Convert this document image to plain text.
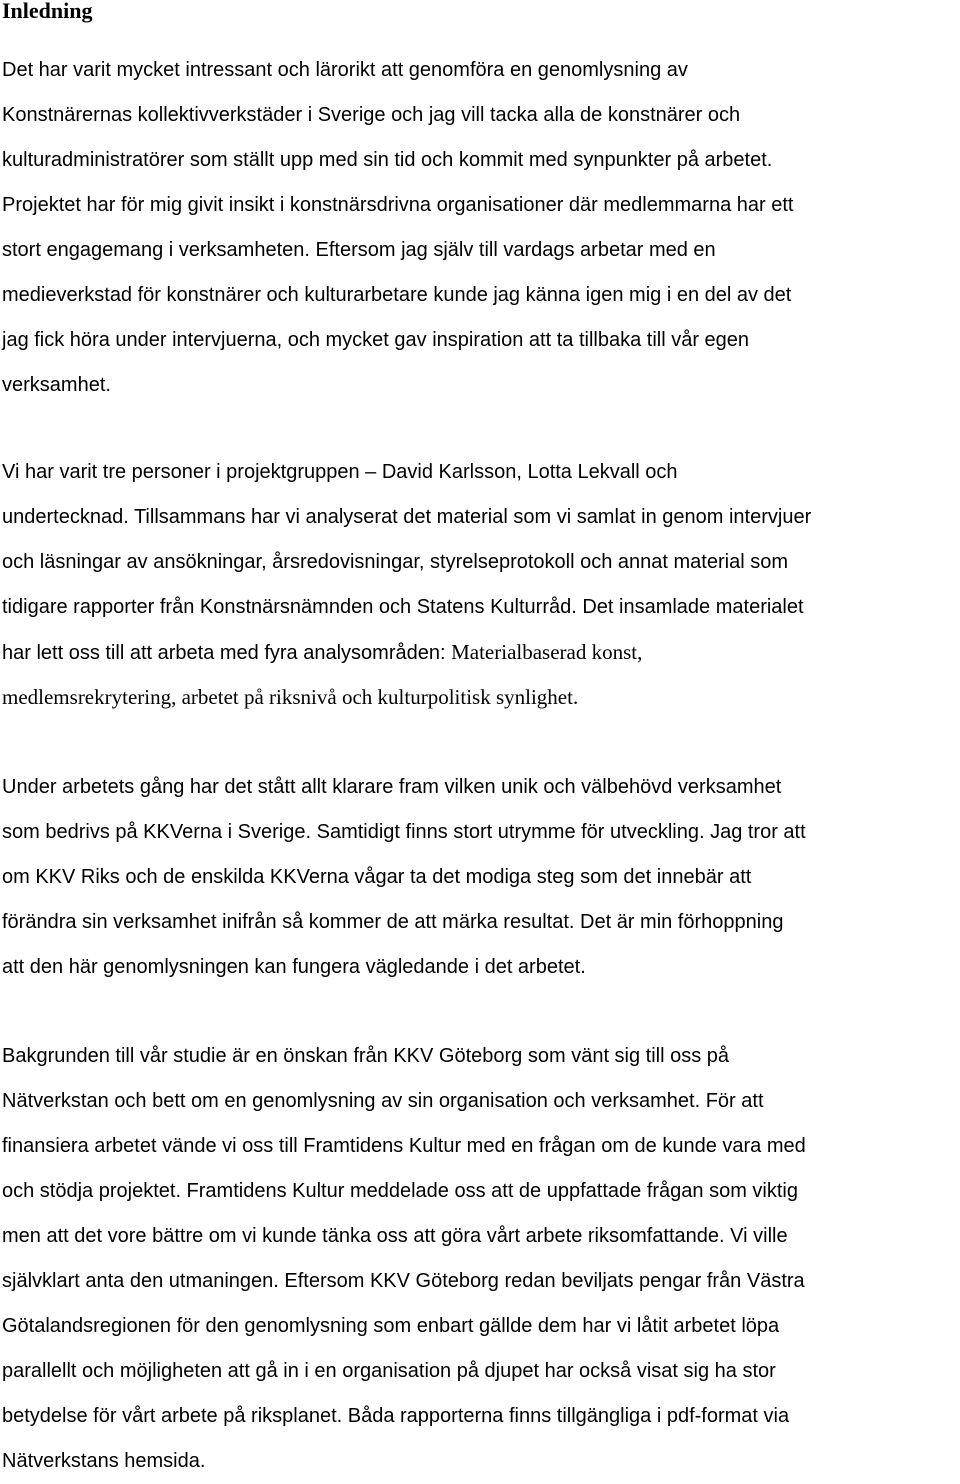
Inledning
Det har varit mycket intressant och lärorikt att genomföra en genomlysning av
Konstnärernas kollektivverkstäder i Sverige och jag vill tacka alla de konstnärer och
kulturadministratörer som ställt upp med sin tid och kommit med synpunkter på arbetet.
Projektet har för mig givit insikt i konstnärsdrivna organisationer där medlemmarna har ett
stort engagemang i verksamheten. Eftersom jag själv till vardags arbetar med en
medieverkstad för konstnärer och kulturarbetare kunde jag känna igen mig i en del av det
jag fick höra under intervjuerna, och mycket gav inspiration att ta tillbaka till vår egen
verksamhet.
Vi har varit tre personer i projektgruppen – David Karlsson, Lotta Lekvall och
undertecknad. Tillsammans har vi analyserat det material som vi samlat in genom intervjuer
och läsningar av ansökningar, årsredovisningar, styrelseprotokoll och annat material som
tidigare rapporter från Konstnärsnämnden och Statens Kulturråd. Det insamlade materialet
har lett oss till att arbeta med fyra analysområden: Materialbaserad konst,
medlemsrekrytering, arbetet på riksnivå och kulturpolitisk synlighet.
Under arbetets gång har det stått allt klarare fram vilken unik och välbehövd verksamhet
som bedrivs på KKVerna i Sverige. Samtidigt finns stort utrymme för utveckling. Jag tror att
om KKV Riks och de enskilda KKVerna vågar ta det modiga steg som det innebär att
förändra sin verksamhet inifrån så kommer de att märka resultat. Det är min förhoppning
att den här genomlysningen kan fungera vägledande i det arbetet.
Bakgrunden till vår studie är en önskan från KKV Göteborg som vänt sig till oss på
Nätverkstan och bett om en genomlysning av sin organisation och verksamhet. För att
finansiera arbetet vände vi oss till Framtidens Kultur med en frågan om de kunde vara med
och stödja projektet. Framtidens Kultur meddelade oss att de uppfattade frågan som viktig
men att det vore bättre om vi kunde tänka oss att göra vårt arbete riksomfattande. Vi ville
självklart anta den utmaningen. Eftersom KKV Göteborg redan beviljats pengar från Västra
Götalandsregionen för den genomlysning som enbart gällde dem har vi låtit arbetet löpa
parallellt och möjligheten att gå in i en organisation på djupet har också visat sig ha stor
betydelse för vårt arbete på riksplanet. Båda rapporterna finns tillgängliga i pdf-format via
Nätverkstans hemsida.
